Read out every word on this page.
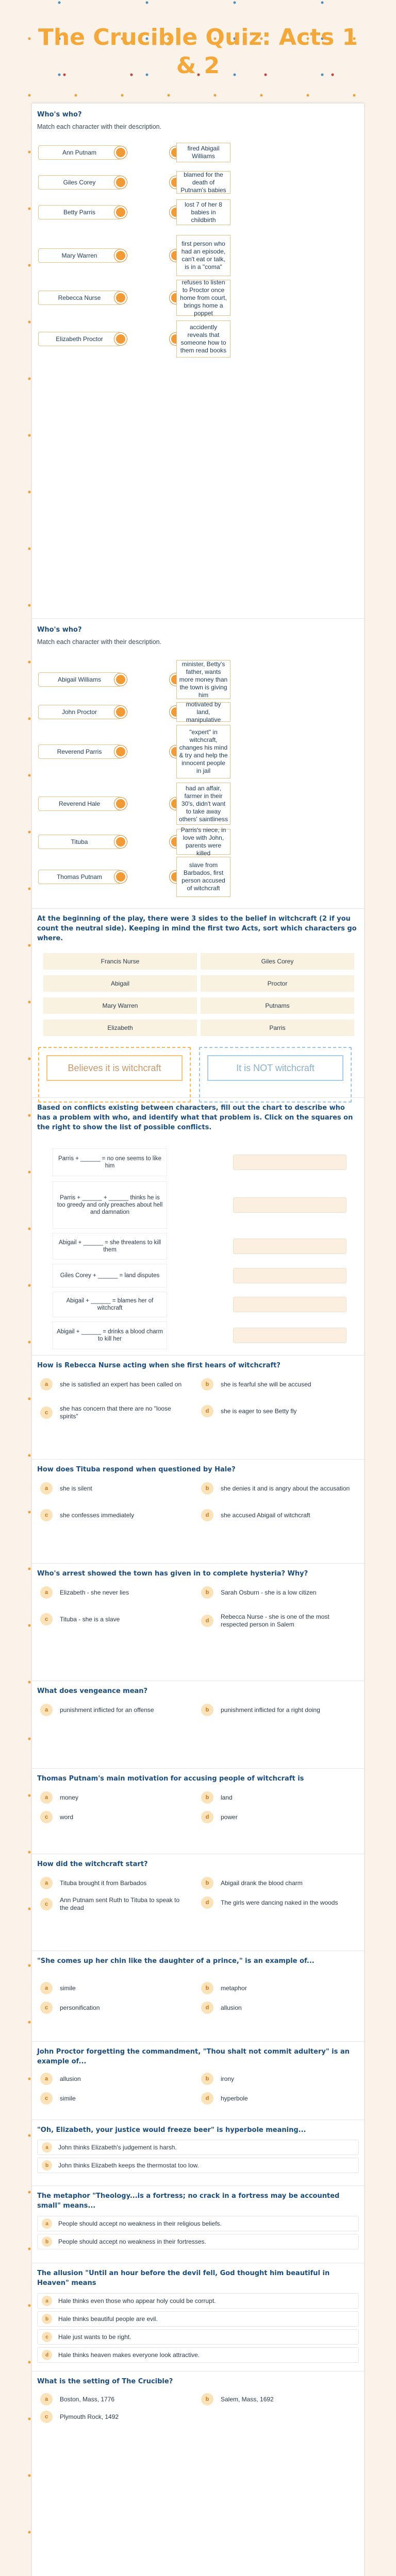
The Crucible Quiz: Acts 1 & 2
Who's who?
Match each character with their description.
Ann Putnam
fired Abigail Williams
Giles Corey
blamed for the death of Putnam's babies
Betty Parris
lost 7 of her 8 babies in childbirth
Mary Warren
first person who had an episode, can't eat or talk, is in a "coma"
Rebecca Nurse
refuses to listen to Proctor once home from court, brings home a poppet
Elizabeth Proctor
accidently reveals that someone how to them read books
Who's who?
Match each character with their description.
Abigail Williams
minister, Betty's father, wants more money than the town is giving him
John Proctor
motivated by land, manipulative
Reverend Parris
"expert" in witchcraft, changes his mind & try and help the innocent people in jail
Reverend Hale
had an affair, farmer in their 30's, didn't want to take away others' saintliness
Tituba
Parris's niece, in love with John, parents were killed
Thomas Putnam
slave from Barbados, first person accused of witchcraft
At the beginning of the play, there were 3 sides to the belief in witchcraft (2 if you count the neutral side). Keeping in mind the first two Acts, sort which characters go where.
Francis Nurse	Giles Corey
Abigail	Proctor
Mary Warren	Putnams
Elizabeth	Parris
Believes it is witchcraft	It is NOT witchcraft
Based on conflicts existing between characters, fill out the chart to describe who has a problem with who, and identify what that problem is. Click on the squares on the right to show the list of possible conflicts.
Parris + ______ = no one seems to like him
Parris + ______ + ______ thinks he is too greedy and only preaches about hell and damnation
Abigail + ______ = she threatens to kill them
Giles Corey + ______ = land disputes
Abigail + ______ = blames her of witchcraft
Abigail + ______ = drinks a blood charm to kill her
How is Rebecca Nurse acting when she first hears of witchcraft?
a	she is satisfied an expert has been called on	b	she is fearful she will be accused
c
she has concern that there are no "loose spirits"
d	she is eager to see Betty fly
How does Tituba respond when questioned by Hale?
a	she is silent	b	she denies it and is angry about the accusation
c	she confesses immediately	d	she accused Abigail of witchcraft
Who's arrest showed the town has given in to complete hysteria? Why?
a	Elizabeth - she never lies	b	Sarah Osburn - she is a low citizen
c	Tituba - she is a slave	d
Rebecca Nurse - she is one of the most respected person in Salem
What does vengeance mean?
a	punishment inflicted for an offense	b	punishment inflicted for a right doing
Thomas Putnam's main motivation for accusing people of witchcraft is
a	money	b	land
c	word	d	power
How did the witchcraft start?
a	Tituba brought it from Barbados	b	Abigail drank the blood charm
c
Ann Putnam sent Ruth to Tituba to speak to the dead
d	The girls were dancing naked in the woods
"She comes up her chin like the daughter of a prince," is an example of...
a	simile	b	metaphor
c	personification	d	allusion
John Proctor forgetting the commandment, "Thou shalt not commit adultery" is an example of...
a	allusion	b	irony
c	simile	d	hyperbole
"Oh, Elizabeth, your justice would freeze beer" is hyperbole meaning...
a	John thinks Elizabeth's judgement is harsh.
b	John thinks Elizabeth keeps the thermostat too low.
The metaphor "Theology...is a fortress; no crack in a fortress may be accounted small" means...
a	People should accept no weakness in their religious beliefs.
b	People should accept no weakness in their fortresses.
The allusion "Until an hour before the devil fell, God thought him beautiful in Heaven" means
a	Hale thinks even those who appear holy could be corrupt.
b	Hale thinks beautiful people are evil.
c	Hale just wants to be right.
d	Hale thinks heaven makes everyone look attractive.
What is the setting of The Crucible?
a	Boston, Mass, 1776	b	Salem, Mass, 1692
c	Plymouth Rock, 1492
